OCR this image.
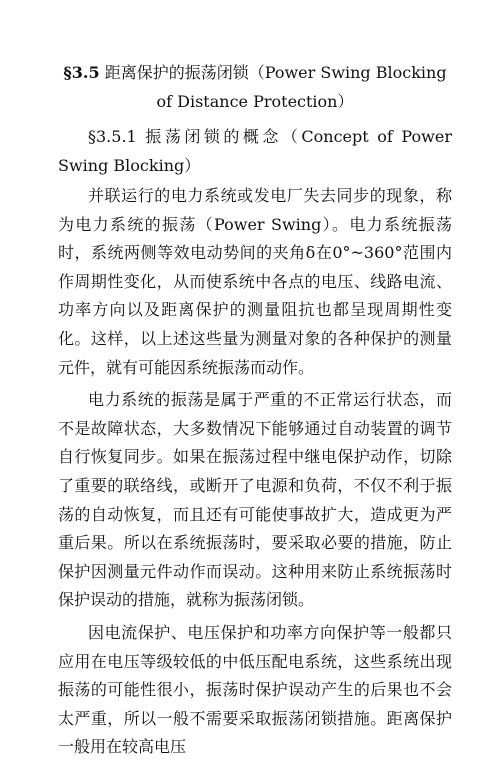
§3.5 距离保护的振荡闭锁（Power Swing Blocking of Distance Protection）
§3.5.1 振荡闭锁的概念（Concept of Power Swing Blocking）

并联运行的电力系统或发电厂失去同步的现象，称为电力系统的振荡（Power Swing）。电力系统振荡时，系统两侧等效电动势间的夹角δ在0°~360°范围内作周期性变化，从而使系统中各点的电压、线路电流、功率方向以及距离保护的测量阻抗也都呈现周期性变化。这样，以上述这些量为测量对象的各种保护的测量元件，就有可能因系统振荡而动作。

电力系统的振荡是属于严重的不正常运行状态，而不是故障状态，大多数情况下能够通过自动装置的调节自行恢复同步。如果在振荡过程中继电保护动作，切除了重要的联络线，或断开了电源和负荷，不仅不利于振荡的自动恢复，而且还有可能使事故扩大，造成更为严重后果。所以在系统振荡时，要采取必要的措施，防止保护因测量元件动作而误动。这种用来防止系统振荡时保护误动的措施，就称为振荡闭锁。

因电流保护、电压保护和功率方向保护等一般都只应用在电压等级较低的中低压配电系统，这些系统出现振荡的可能性很小，振荡时保护误动产生的后果也不会太严重，所以一般不需要采取振荡闭锁措施。距离保护一般用在较高电压
